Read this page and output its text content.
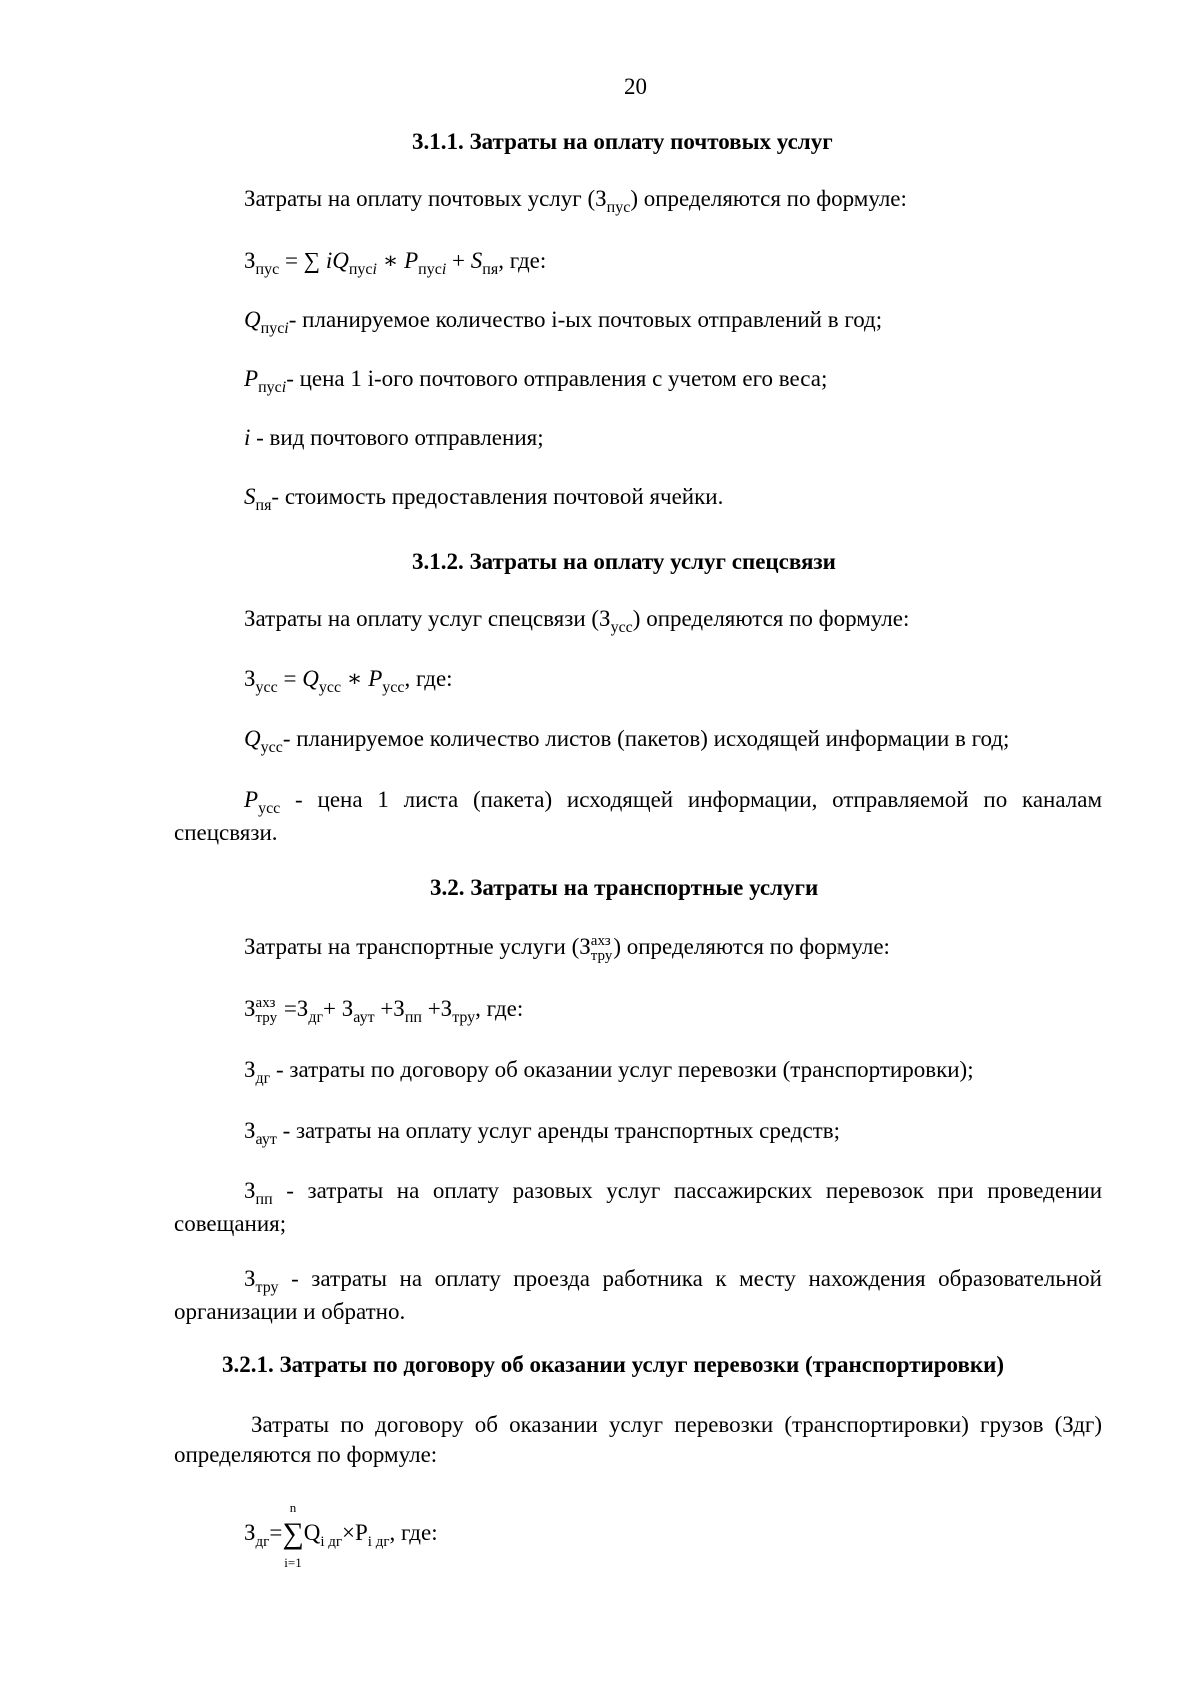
20
3.1.1. Затраты на оплату почтовых услуг
Затраты на оплату почтовых услуг $(З_{пус})$ определяются по формуле:
$З_{пус}$ = ∑ $iQ_{пусi}$ ∗ $P_{пусi} + S_{пя}$, где:
$Q_{пусi}-$ планируемое количество i-ых почтовых отправлений в год;
$P_{пусi}-$ цена 1 i-ого почтового отправления с учетом его веса;
i - вид почтового отправления;
$S_{пя}-$ стоимость предоставления почтовой ячейки.
3.1.2. Затраты на оплату услуг спецсвязи
Затраты на оплату услуг спецсвязи $(З_{усс})$ определяются по формуле:
$З_{усс} = Q_{усс}$ ∗ $P_{усс}$, где:
$Q_{усс}-$ планируемое количество листов (пакетов) исходящей информации в год;
$P_{усс}$ - цена 1 листа (пакета) исходящей информации, отправляемой по каналам спецсвязи.
3.2. Затраты на транспортные услуги
Затраты на транспортные услуги (Захз
тру) определяются по формуле:
Захз
тру $=З_{дг}+ З_{аут} +З_{пп} +З_{тру}$, где:
$З_{дг}$ - затраты по договору об оказании услуг перевозки (транспортировки);
$З_{аут}$ - затраты на оплату услуг аренды транспортных средств;
$З_{пп}$ - затраты на оплату разовых услуг пассажирских перевозок при проведении совещания;
$З_{тру}$ - затраты на оплату проезда работника к месту нахождения образовательной организации и обратно.
3.2.1. Затраты по договору об оказании услуг перевозки (транспортировки)
Затраты по договору об оказании услуг перевозки (транспортировки) грузов (Здг) определяются по формуле:
$З_{дг}=$
n
∑
i=1
$Q_{i дг}\times P_{i дг}$, где:
